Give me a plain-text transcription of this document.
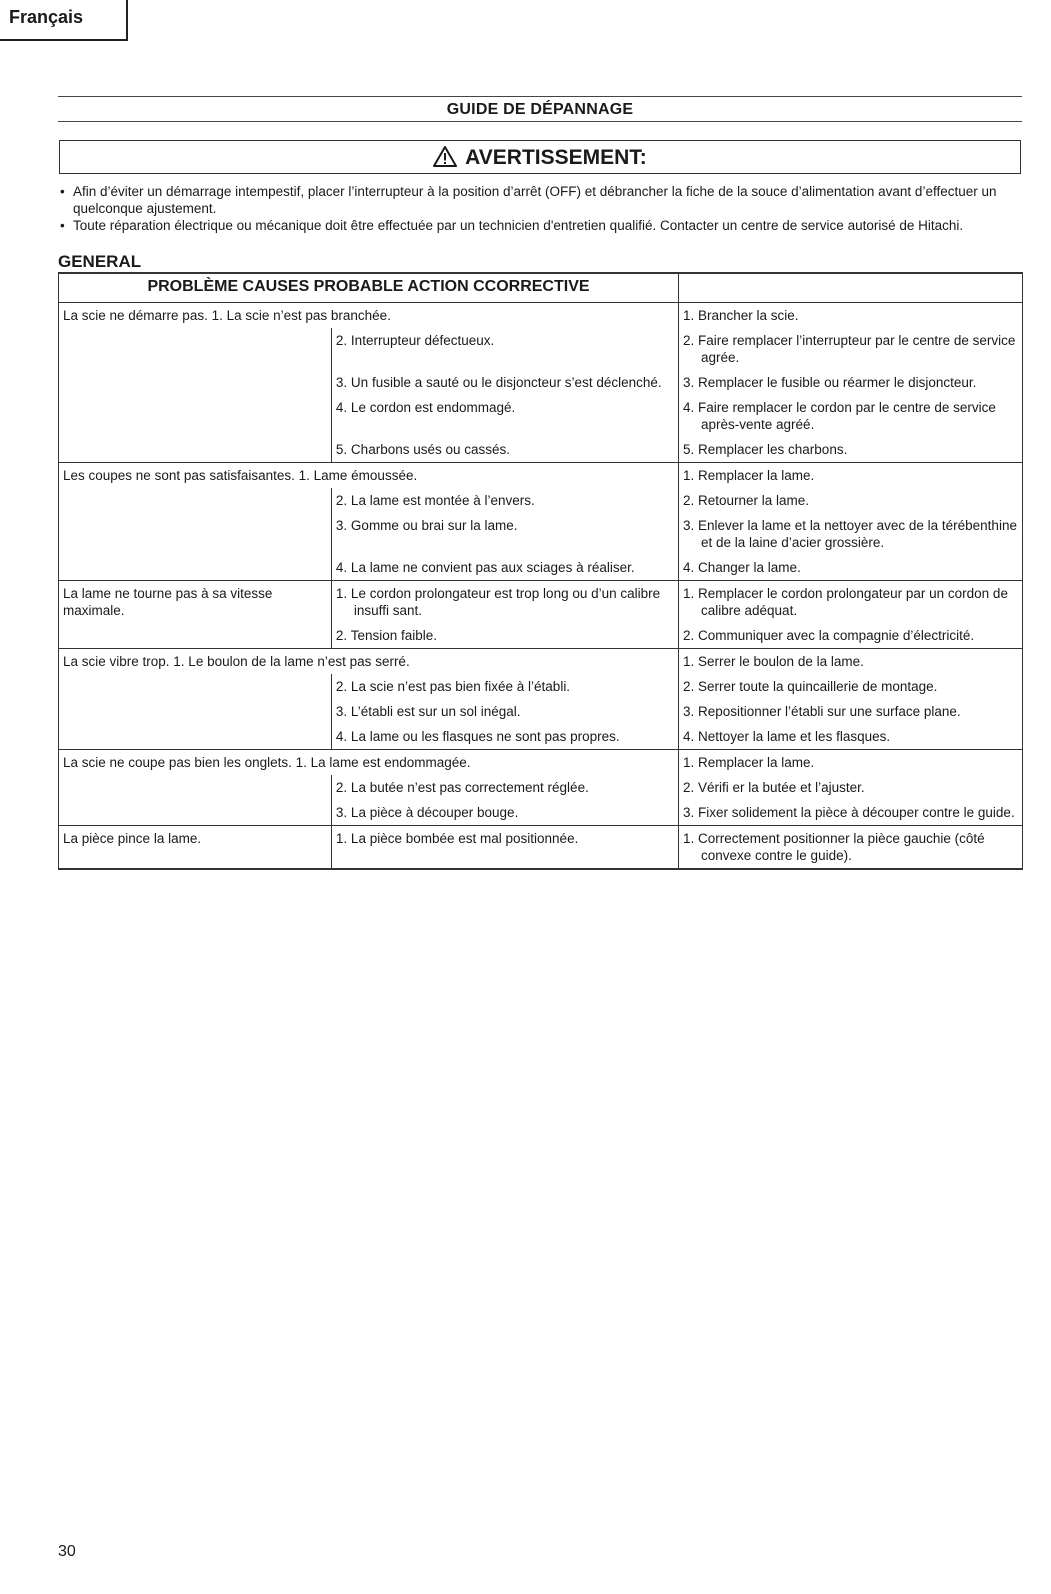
Français
GUIDE DE DÉPANNAGE
AVERTISSEMENT:
• Afin d’éviter un démarrage intempestif, placer l’interrupteur à la position d’arrêt (OFF) et débrancher la fiche de la souce d’alimentation avant d’effectuer un quelconque ajustement.
• Toute réparation électrique ou mécanique doit être effectuée par un technicien d'entretien qualifié. Contacter un centre de service autorisé de Hitachi.
GENERAL
PROBLÈME CAUSES PROBABLE ACTION CCORRECTIVE		
La scie ne démarre pas. 1. La scie n’est pas branchée.		1. Brancher la scie.

	2. Interrupteur défectueux.	2. Faire remplacer l’interrupteur par le centre de service agrée.

	3. Un fusible a sauté ou le disjoncteur s’est déclenché.	3. Remplacer le fusible ou réarmer le disjoncteur.

	4. Le cordon est endommagé.	4. Faire remplacer le cordon par le centre de service après-vente agréé.

	5. Charbons usés ou cassés.	5. Remplacer les charbons.

Les coupes ne sont pas satisfaisantes. 1. Lame émoussée.		1. Remplacer la lame.

	2. La lame est montée à l’envers.	2. Retourner la lame.

	3. Gomme ou brai sur la lame.	3. Enlever la lame et la nettoyer avec de la térébenthine et de la laine d’acier grossière.

	4. La lame ne convient pas aux sciages à réaliser.	4. Changer la lame.

La lame ne tourne pas à sa vitesse maximale.	1. Le cordon prolongateur est trop long ou d’un calibre insuffi sant.	1. Remplacer le cordon prolongateur par un cordon de calibre adéquat.

	2. Tension faible.	2. Communiquer avec la compagnie d’électricité.

La scie vibre trop. 1. Le boulon de la lame n’est pas serré.		1. Serrer le boulon de la lame.

	2. La scie n’est pas bien fixée à l’établi.	2. Serrer toute la quincaillerie de montage.

	3. L’établi est sur un sol inégal.	3. Repositionner l’établi sur une surface plane.

	4. La lame ou les flasques ne sont pas propres.	4. Nettoyer la lame et les flasques.

La scie ne coupe pas bien les onglets. 1. La lame est endommagée.		1. Remplacer la lame.

	2. La butée n’est pas correctement réglée.	2. Vérifi er la butée et l’ajuster.

	3. La pièce à découper bouge.	3. Fixer solidement la pièce à découper contre le guide.

La pièce pince la lame.	1. La pièce bombée est mal positionnée.	1. Correctement positionner la pièce gauchie (côté convexe contre le guide).
30
